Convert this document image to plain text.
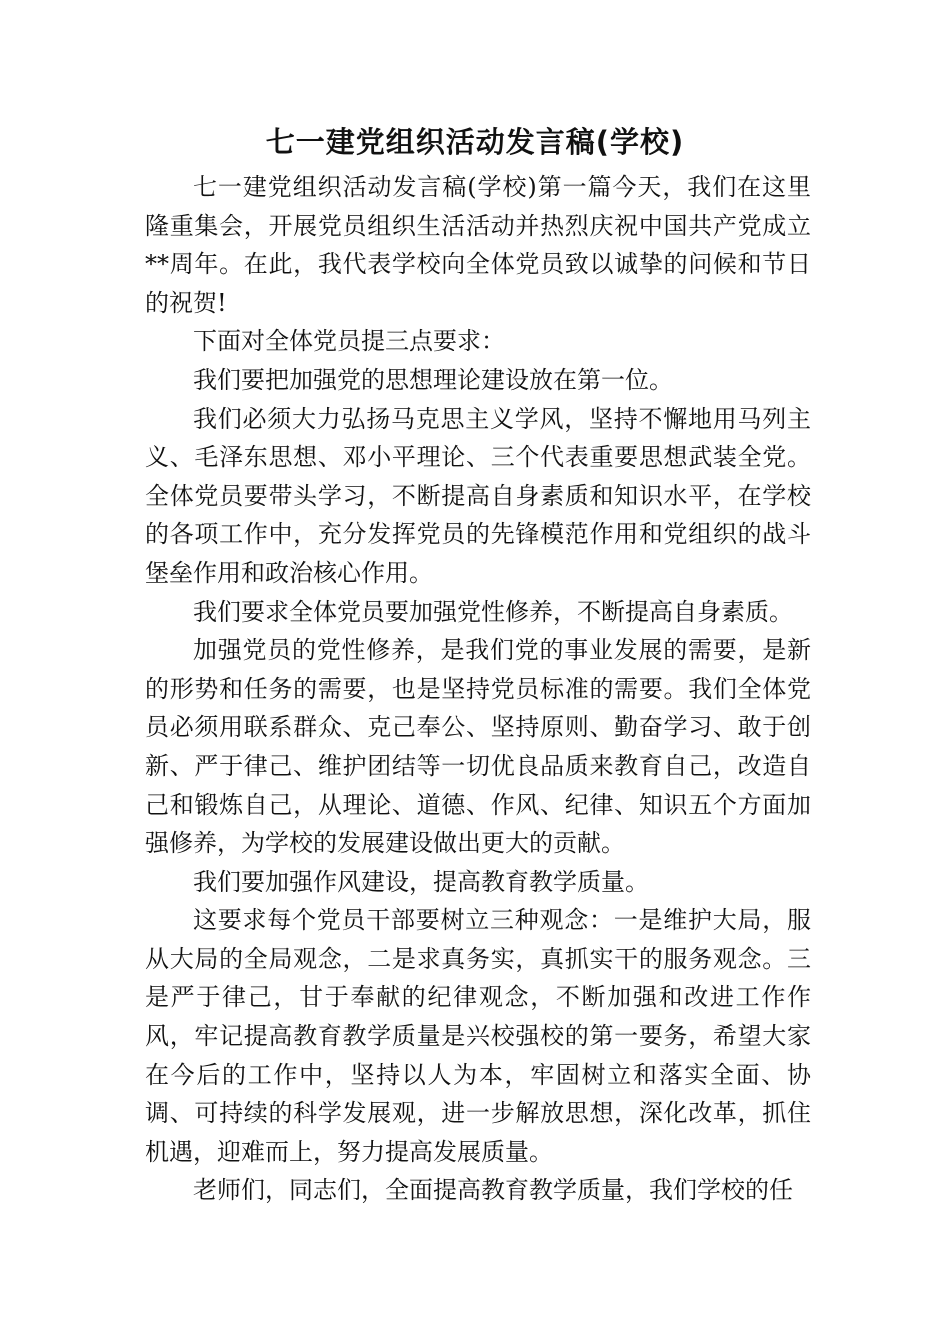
七一建党组织活动发言稿(学校)

七一建党组织活动发言稿(学校)第一篇今天，我们在这里隆重集会，开展党员组织生活活动并热烈庆祝中国共产党成立**周年。在此，我代表学校向全体党员致以诚挚的问候和节日的祝贺!

下面对全体党员提三点要求：

我们要把加强党的思想理论建设放在第一位。

我们必须大力弘扬马克思主义学风，坚持不懈地用马列主义、毛泽东思想、邓小平理论、三个代表重要思想武装全党。全体党员要带头学习，不断提高自身素质和知识水平，在学校的各项工作中，充分发挥党员的先锋模范作用和党组织的战斗堡垒作用和政治核心作用。

我们要求全体党员要加强党性修养，不断提高自身素质。

加强党员的党性修养，是我们党的事业发展的需要，是新的形势和任务的需要，也是坚持党员标准的需要。我们全体党员必须用联系群众、克己奉公、坚持原则、勤奋学习、敢于创新、严于律己、维护团结等一切优良品质来教育自己，改造自己和锻炼自己，从理论、道德、作风、纪律、知识五个方面加强修养，为学校的发展建设做出更大的贡献。

我们要加强作风建设，提高教育教学质量。

这要求每个党员干部要树立三种观念：一是维护大局，服从大局的全局观念，二是求真务实，真抓实干的服务观念。三是严于律己，甘于奉献的纪律观念，不断加强和改进工作作风，牢记提高教育教学质量是兴校强校的第一要务，希望大家在今后的工作中，坚持以人为本，牢固树立和落实全面、协调、可持续的科学发展观，进一步解放思想，深化改革，抓住机遇，迎难而上，努力提高发展质量。

老师们，同志们，全面提高教育教学质量，我们学校的任
